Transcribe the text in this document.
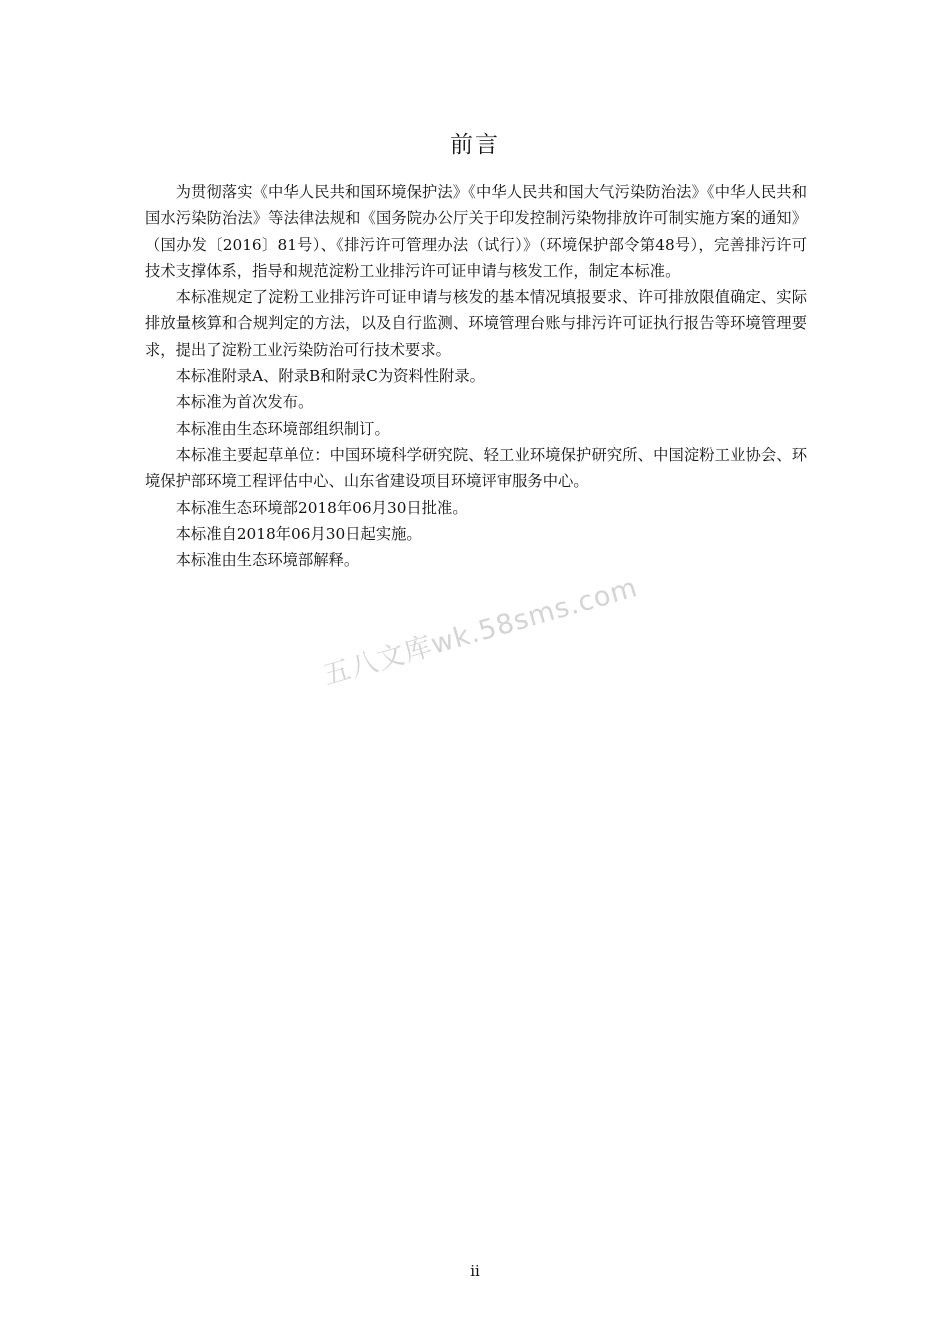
前言

为贯彻落实《中华人民共和国环境保护法》《中华人民共和国大气污染防治法》《中华人民共和国水污染防治法》等法律法规和《国务院办公厅关于印发控制污染物排放许可制实施方案的通知》（国办发〔2016〕81号）、《排污许可管理办法（试行）》（环境保护部令第48号），完善排污许可技术支撑体系，指导和规范淀粉工业排污许可证申请与核发工作，制定本标准。

本标准规定了淀粉工业排污许可证申请与核发的基本情况填报要求、许可排放限值确定、实际排放量核算和合规判定的方法，以及自行监测、环境管理台账与排污许可证执行报告等环境管理要求，提出了淀粉工业污染防治可行技术要求。

本标准附录A、附录B和附录C为资料性附录。

本标准为首次发布。

本标准由生态环境部组织制订。

本标准主要起草单位：中国环境科学研究院、轻工业环境保护研究所、中国淀粉工业协会、环境保护部环境工程评估中心、山东省建设项目环境评审服务中心。

本标准生态环境部2018年06月30日批准。

本标准自2018年06月30日起实施。

本标准由生态环境部解释。

五八文库wk.58sms.com
ii
